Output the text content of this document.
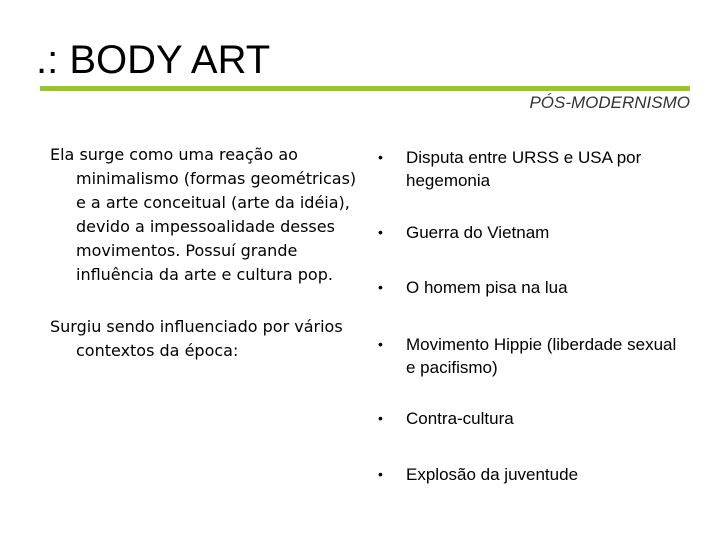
.: BODY ART
PÓS-MODERNISMO

Ela surge como uma reação ao minimalismo (formas geométricas) e a arte conceitual (arte da idéia), devido a impessoalidade desses movimentos. Possuí grande influência da arte e cultura pop.

Surgiu sendo influenciado por vários contextos da época:

• Disputa entre URSS e USA por hegemonia
• Guerra do Vietnam
• O homem pisa na lua
• Movimento Hippie (liberdade sexual e pacifismo)
• Contra-cultura
• Explosão da juventude
